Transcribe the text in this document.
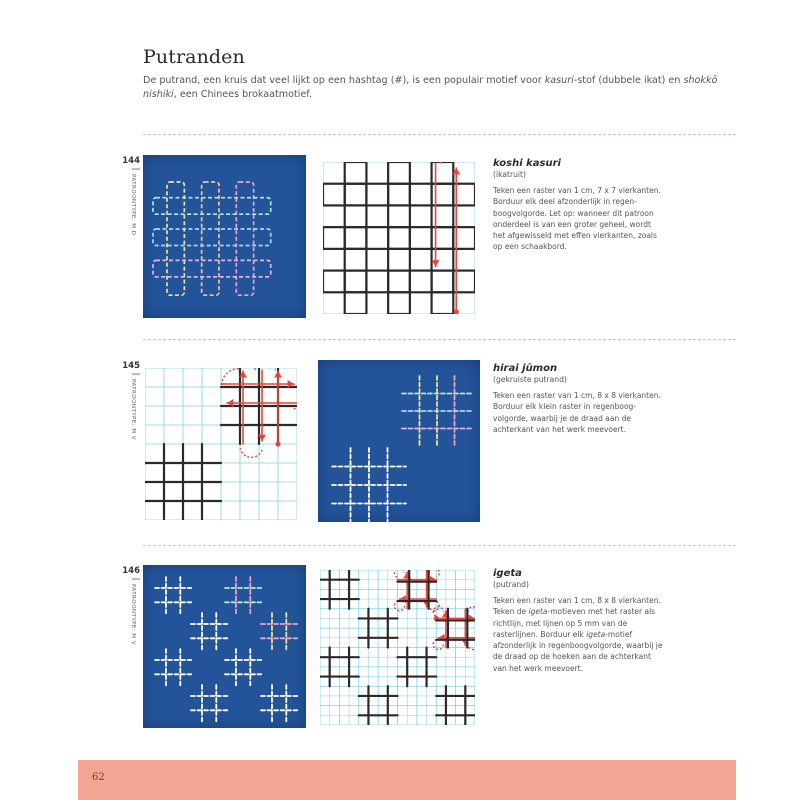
Putranden

De putrand, een kruis dat veel lijkt op een hashtag (#), is een populair motief voor kasuri-stof (dubbele ikat) en shokkō nishiki, een Chinees brokaatmotief.

144
PATROONTYPE: M D

koshi kasuri

(ikatruit)

Teken een raster van 1 cm, 7 x 7 vierkanten. Borduur elk deel afzonderlijk in regen-boogvolgorde. Let op: wanneer dit patroon onderdeel is van een groter geheel, wordt het afgewisseld met effen vierkanten, zoals op een schaakbord.

145
PATROONTYPE: M V

hirai jūmon

(gekruiste putrand)

Teken een raster van 1 cm, 8 x 8 vierkanten. Borduur elk klein raster in regenboog-volgorde, waarbij je de draad aan de achterkant van het werk meevoert.

146
PATROONTYPE: M V

igeta

(putrand)

Teken een raster van 1 cm, 8 x 8 vierkanten. Teken de igeta-motieven met het raster als richtlijn, met lijnen op 5 mm van de rasterlijnen. Borduur elk igeta-motief afzonderlijk in regenboogvolgorde, waarbij je de draad op de hoeken aan de achterkant van het werk meevoert.

62
